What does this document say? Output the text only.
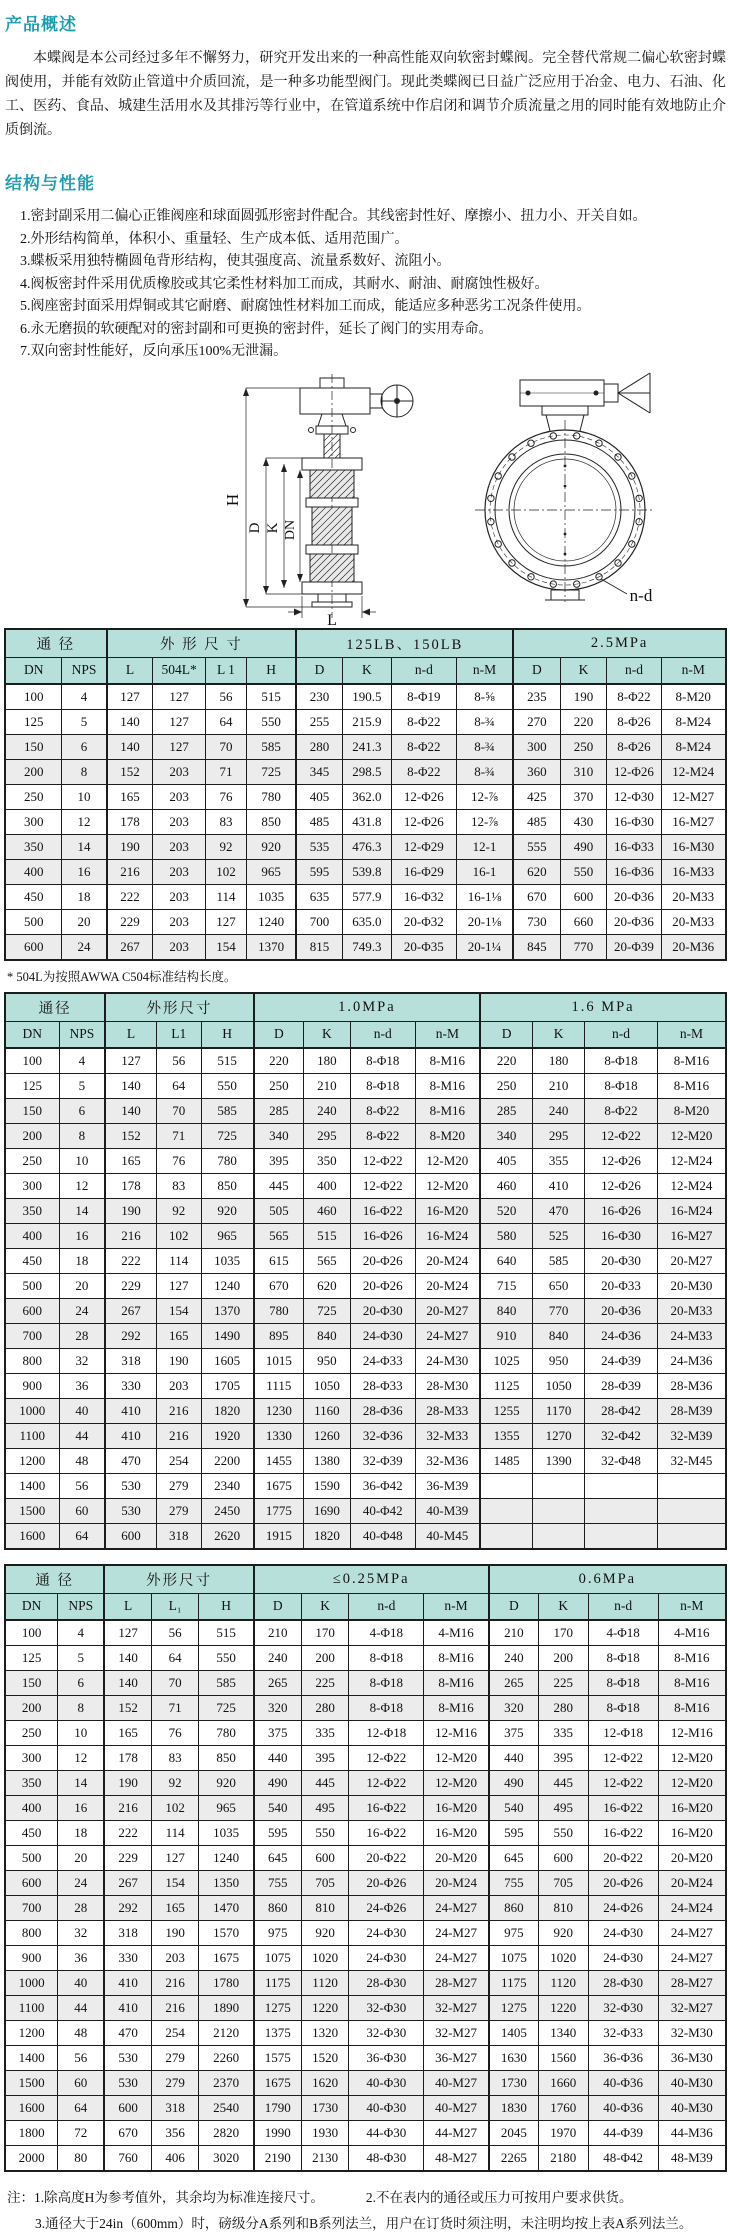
产品概述

本蝶阀是本公司经过多年不懈努力，研究开发出来的一种高性能双向软密封蝶阀。完全替代常规二偏心软密封蝶阀使用，并能有效防止管道中介质回流，是一种多功能型阀门。现此类蝶阀已日益广泛应用于冶金、电力、石油、化工、医药、食品、城建生活用水及其排污等行业中，在管道系统中作启闭和调节介质流量之用的同时能有效地防止介质倒流。

结构与性能
1.密封副采用二偏心正锥阀座和球面圆弧形密封件配合。其线密封性好、摩擦小、扭力小、开关自如。
2.外形结构简单，体积小、重量轻、生产成本低、适用范围广。
3.蝶板采用独特椭圆龟背形结构，使其强度高、流量系数好、流阻小。
4.阀板密封件采用优质橡胶或其它柔性材料加工而成，其耐水、耐油、耐腐蚀性极好。
5.阀座密封面采用焊铜或其它耐磨、耐腐蚀性材料加工而成，能适应多种恶劣工况条件使用。
6.永无磨损的软硬配对的密封副和可更换的密封件，延长了阀门的实用寿命。
7.双向密封性能好，反向承压100%无泄漏。
H
D K DN
L
n-d
通 径		外 形 尺 寸				125LB、150LB				2.5MPa			
DN	NPS	L	504L*	L 1	H	D	K	n-d	n-M	D	K	n-d	n-M
100	4	127	127	56	515	230	190.5	8-Φ19	8-⅝	235	190	8-Φ22	8-M20
125	5	140	127	64	550	255	215.9	8-Φ22	8-¾	270	220	8-Φ26	8-M24
150	6	140	127	70	585	280	241.3	8-Φ22	8-¾	300	250	8-Φ26	8-M24
200	8	152	203	71	725	345	298.5	8-Φ22	8-¾	360	310	12-Φ26	12-M24
250	10	165	203	76	780	405	362.0	12-Φ26	12-⅞	425	370	12-Φ30	12-M27
300	12	178	203	83	850	485	431.8	12-Φ26	12-⅞	485	430	16-Φ30	16-M27
350	14	190	203	92	920	535	476.3	12-Φ29	12-1	555	490	16-Φ33	16-M30
400	16	216	203	102	965	595	539.8	16-Φ29	16-1	620	550	16-Φ36	16-M33
450	18	222	203	114	1035	635	577.9	16-Φ32	16-1⅛	670	600	20-Φ36	20-M33
500	20	229	203	127	1240	700	635.0	20-Φ32	20-1⅛	730	660	20-Φ36	20-M33
600	24	267	203	154	1370	815	749.3	20-Φ35	20-1¼	845	770	20-Φ39	20-M36
* 504L为按照AWWA C504标准结构长度。
通径		外形尺寸			1.0MPa				1.6 MPa			
DN	NPS	L	L1	H	D	K	n-d	n-M	D	K	n-d	n-M
100	4	127	56	515	220	180	8-Φ18	8-M16	220	180	8-Φ18	8-M16
125	5	140	64	550	250	210	8-Φ18	8-M16	250	210	8-Φ18	8-M16
150	6	140	70	585	285	240	8-Φ22	8-M16	285	240	8-Φ22	8-M20
200	8	152	71	725	340	295	8-Φ22	8-M20	340	295	12-Φ22	12-M20
250	10	165	76	780	395	350	12-Φ22	12-M20	405	355	12-Φ26	12-M24
300	12	178	83	850	445	400	12-Φ22	12-M20	460	410	12-Φ26	12-M24
350	14	190	92	920	505	460	16-Φ22	16-M20	520	470	16-Φ26	16-M24
400	16	216	102	965	565	515	16-Φ26	16-M24	580	525	16-Φ30	16-M27
450	18	222	114	1035	615	565	20-Φ26	20-M24	640	585	20-Φ30	20-M27
500	20	229	127	1240	670	620	20-Φ26	20-M24	715	650	20-Φ33	20-M30
600	24	267	154	1370	780	725	20-Φ30	20-M27	840	770	20-Φ36	20-M33
700	28	292	165	1490	895	840	24-Φ30	24-M27	910	840	24-Φ36	24-M33
800	32	318	190	1605	1015	950	24-Φ33	24-M30	1025	950	24-Φ39	24-M36
900	36	330	203	1705	1115	1050	28-Φ33	28-M30	1125	1050	28-Φ39	28-M36
1000	40	410	216	1820	1230	1160	28-Φ36	28-M33	1255	1170	28-Φ42	28-M39
1100	44	410	216	1920	1330	1260	32-Φ36	32-M33	1355	1270	32-Φ42	32-M39
1200	48	470	254	2200	1455	1380	32-Φ39	32-M36	1485	1390	32-Φ48	32-M45
1400	56	530	279	2340	1675	1590	36-Φ42	36-M39				
1500	60	530	279	2450	1775	1690	40-Φ42	40-M39				
1600	64	600	318	2620	1915	1820	40-Φ48	40-M45				
通 径		外形尺寸			≤0.25MPa				0.6MPa			
DN	NPS	L	L₁	H	D	K	n-d	n-M	D	K	n-d	n-M
100	4	127	56	515	210	170	4-Φ18	4-M16	210	170	4-Φ18	4-M16
125	5	140	64	550	240	200	8-Φ18	8-M16	240	200	8-Φ18	8-M16
150	6	140	70	585	265	225	8-Φ18	8-M16	265	225	8-Φ18	8-M16
200	8	152	71	725	320	280	8-Φ18	8-M16	320	280	8-Φ18	8-M16
250	10	165	76	780	375	335	12-Φ18	12-M16	375	335	12-Φ18	12-M16
300	12	178	83	850	440	395	12-Φ22	12-M20	440	395	12-Φ22	12-M20
350	14	190	92	920	490	445	12-Φ22	12-M20	490	445	12-Φ22	12-M20
400	16	216	102	965	540	495	16-Φ22	16-M20	540	495	16-Φ22	16-M20
450	18	222	114	1035	595	550	16-Φ22	16-M20	595	550	16-Φ22	16-M20
500	20	229	127	1240	645	600	20-Φ22	20-M20	645	600	20-Φ22	20-M20
600	24	267	154	1350	755	705	20-Φ26	20-M24	755	705	20-Φ26	20-M24
700	28	292	165	1470	860	810	24-Φ26	24-M27	860	810	24-Φ26	24-M24
800	32	318	190	1570	975	920	24-Φ30	24-M27	975	920	24-Φ30	24-M27
900	36	330	203	1675	1075	1020	24-Φ30	24-M27	1075	1020	24-Φ30	24-M27
1000	40	410	216	1780	1175	1120	28-Φ30	28-M27	1175	1120	28-Φ30	28-M27
1100	44	410	216	1890	1275	1220	32-Φ30	32-M27	1275	1220	32-Φ30	32-M27
1200	48	470	254	2120	1375	1320	32-Φ30	32-M27	1405	1340	32-Φ33	32-M30
1400	56	530	279	2260	1575	1520	36-Φ30	36-M27	1630	1560	36-Φ36	36-M30
1500	60	530	279	2370	1675	1620	40-Φ30	40-M27	1730	1660	40-Φ36	40-M30
1600	64	600	318	2540	1790	1730	40-Φ30	40-M27	1830	1760	40-Φ36	40-M30
1800	72	670	356	2820	1990	1930	44-Φ30	44-M27	2045	1970	44-Φ39	44-M36
2000	80	760	406	3020	2190	2130	48-Φ30	48-M27	2265	2180	48-Φ42	48-M39
注：1.除高度H为参考值外，其余均为标准连接尺寸。	2.不在表内的通径或压力可按用户要求供货。
3.通径大于24in（600mm）时，磅级分A系列和B系列法兰，用户在订货时须注明，未注明均按上表A系列法兰。
